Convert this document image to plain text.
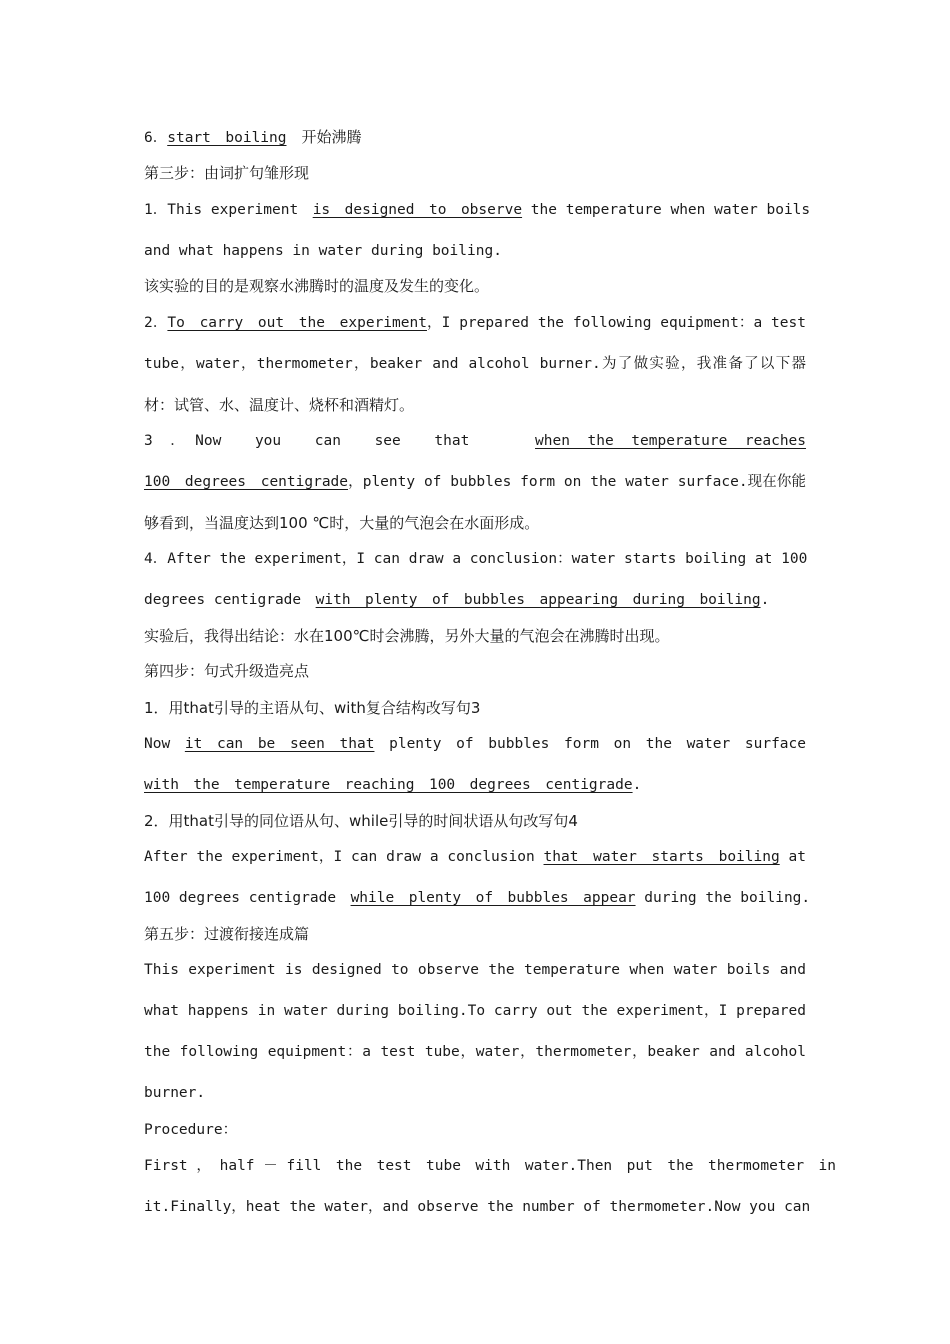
6．start　boiling　开始沸腾
第三步：由词扩句雏形现
1．This experiment　is　designed　to　observe the temperature when water boils
and what happens in water during boiling.
该实验的目的是观察水沸腾时的温度及发生的变化。
2．To　carry　out　the　experiment，I prepared the following equipment：a test
tube，water，thermometer，beaker and alcohol burner.为了做实验，我准备了以下器
材：试管、水、温度计、烧杯和酒精灯。
3　．　Now　　you　　can　　see　　that　　　　when　the　temperature　reaches
100　degrees　centigrade，plenty of bubbles form on the water surface.现在你能
够看到，当温度达到100 ℃时，大量的气泡会在水面形成。
4．After the experiment，I can draw a conclusion：water starts boiling at 100
degrees centigrade　with　plenty　of　bubbles　appearing　during　boiling.
实验后，我得出结论：水在100℃时会沸腾，另外大量的气泡会在沸腾时出现。
第四步：句式升级造亮点
1．用that引导的主语从句、with复合结构改写句3
Now　it　can　be　seen　that　plenty　of　bubbles　form　on　the　water　surface
with　the　temperature　reaching　100　degrees　centigrade.
2．用that引导的同位语从句、while引导的时间状语从句改写句4
After the experiment，I can draw a conclusion that　water　starts　boiling at
100 degrees centigrade　while　plenty　of　bubbles　appear during the boiling.
第五步：过渡衔接连成篇
This experiment is designed to observe the temperature when water boils and
what happens in water during boiling.To carry out the experiment，I prepared
the following equipment：a test tube，water，thermometer，beaker and alcohol
burner.
Procedure：
First ， half － fill　the　test　tube　with　water.Then　put　the　thermometer　in
it.Finally，heat the water，and observe the number of thermometer.Now you can
